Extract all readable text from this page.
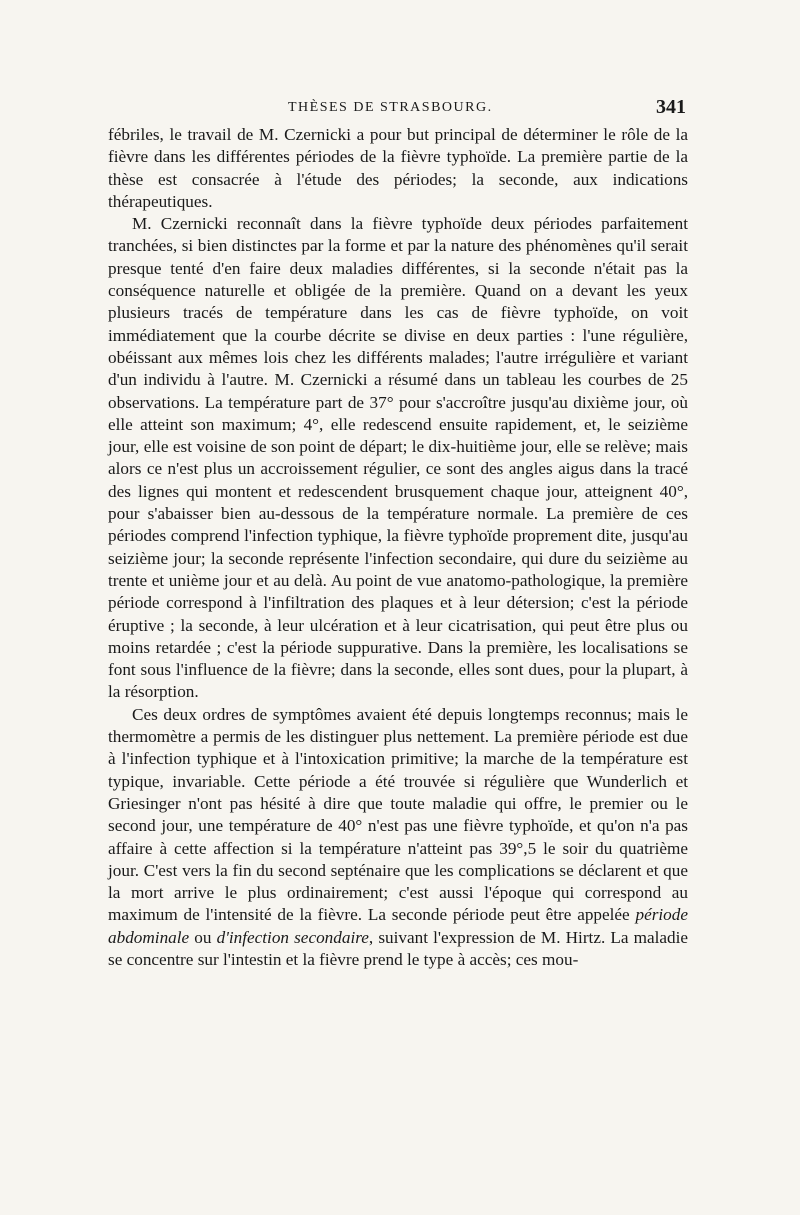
THÈSES DE STRASBOURG.	341

fébriles, le travail de M. Czernicki a pour but principal de déterminer le rôle de la fièvre dans les différentes périodes de la fièvre typhoïde. La première partie de la thèse est consacrée à l'étude des périodes; la seconde, aux indications thérapeutiques.

M. Czernicki reconnaît dans la fièvre typhoïde deux périodes parfaitement tranchées, si bien distinctes par la forme et par la nature des phénomènes qu'il serait presque tenté d'en faire deux maladies différentes, si la seconde n'était pas la conséquence naturelle et obligée de la première. Quand on a devant les yeux plusieurs tracés de température dans les cas de fièvre typhoïde, on voit immédiatement que la courbe décrite se divise en deux parties : l'une régulière, obéissant aux mêmes lois chez les différents malades; l'autre irrégulière et variant d'un individu à l'autre. M. Czernicki a résumé dans un tableau les courbes de 25 observations. La température part de 37° pour s'accroître jusqu'au dixième jour, où elle atteint son maximum; 4°, elle redescend ensuite rapidement, et, le seizième jour, elle est voisine de son point de départ; le dix-huitième jour, elle se relève; mais alors ce n'est plus un accroissement régulier, ce sont des angles aigus dans la tracé des lignes qui montent et redescendent brusquement chaque jour, atteignent 40°, pour s'abaisser bien au-dessous de la température normale. La première de ces périodes comprend l'infection typhique, la fièvre typhoïde proprement dite, jusqu'au seizième jour; la seconde représente l'infection secondaire, qui dure du seizième au trente et unième jour et au delà. Au point de vue anatomo-pathologique, la première période correspond à l'infiltration des plaques et à leur détersion; c'est la période éruptive ; la seconde, à leur ulcération et à leur cicatrisation, qui peut être plus ou moins retardée ; c'est la période suppurative. Dans la première, les localisations se font sous l'influence de la fièvre; dans la seconde, elles sont dues, pour la plupart, à la résorption.

Ces deux ordres de symptômes avaient été depuis longtemps reconnus; mais le thermomètre a permis de les distinguer plus nettement. La première période est due à l'infection typhique et à l'intoxication primitive; la marche de la température est typique, invariable. Cette période a été trouvée si régulière que Wunderlich et Griesinger n'ont pas hésité à dire que toute maladie qui offre, le premier ou le second jour, une température de 40° n'est pas une fièvre typhoïde, et qu'on n'a pas affaire à cette affection si la température n'atteint pas 39°,5 le soir du quatrième jour. C'est vers la fin du second septénaire que les complications se déclarent et que la mort arrive le plus ordinairement; c'est aussi l'époque qui correspond au maximum de l'intensité de la fièvre. La seconde période peut être appelée période abdominale ou d'infection secondaire, suivant l'expression de M. Hirtz. La maladie se concentre sur l'intestin et la fièvre prend le type à accès; ces mou-
